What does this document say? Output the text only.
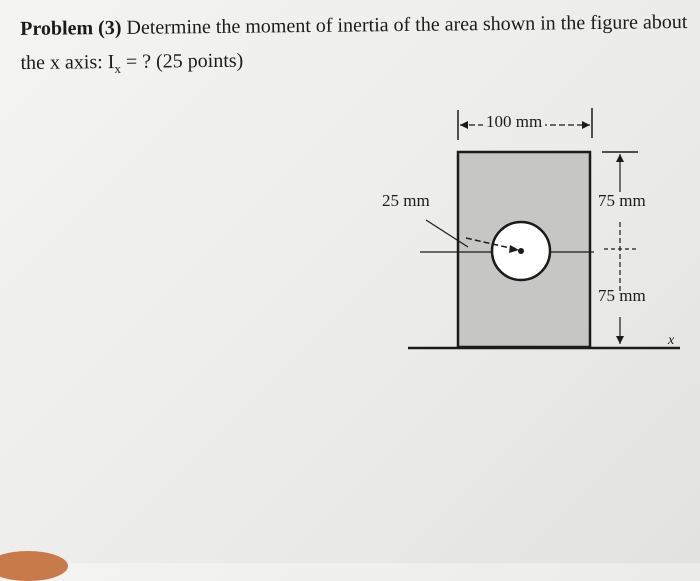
Problem (3) Determine the moment of inertia of the area shown in the figure about
the x axis: $I_x$ = ? (25 points)
100 mm
25 mm	75 mm
75 mm
x
